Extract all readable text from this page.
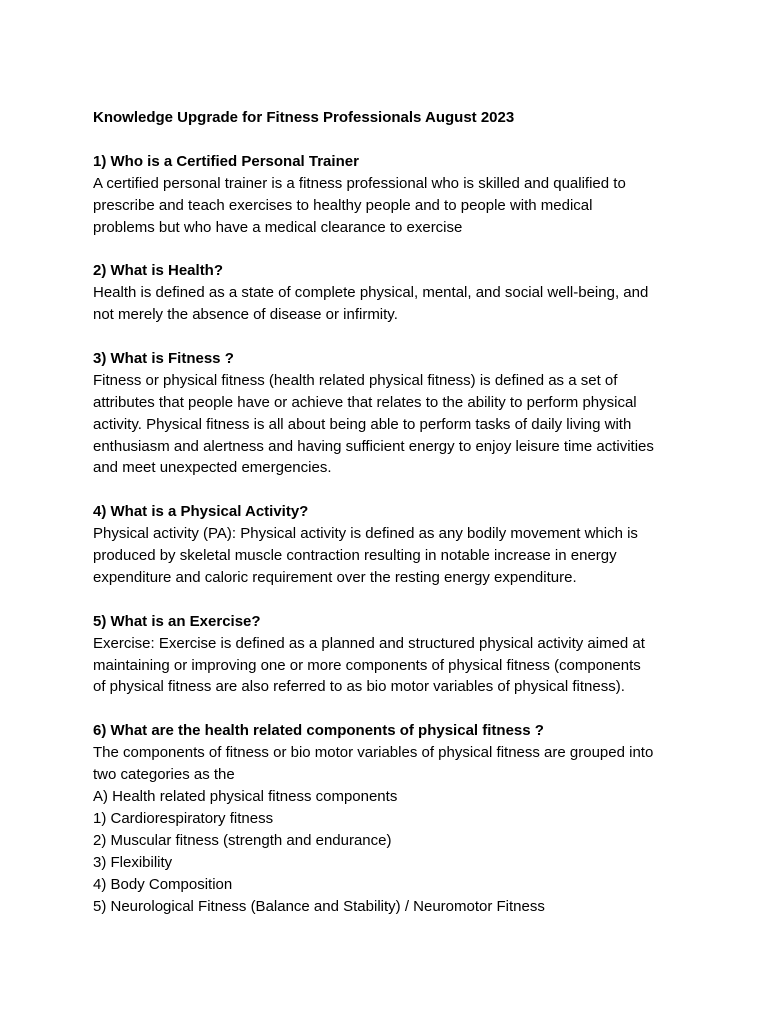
Knowledge Upgrade for Fitness Professionals August 2023
1) Who is a Certified Personal Trainer
A certified personal trainer is a fitness professional who is skilled and qualified to
prescribe and teach exercises to healthy people and to people with medical
problems but who have a medical clearance to exercise
2) What is Health?
Health is defined as a state of complete physical, mental, and social well-being, and
not merely the absence of disease or infirmity.
3) What is Fitness ?
Fitness or physical fitness (health related physical fitness) is defined as a set of
attributes that people have or achieve that relates to the ability to perform physical
activity. Physical fitness is all about being able to perform tasks of daily living with
enthusiasm and alertness and having sufficient energy to enjoy leisure time activities
and meet unexpected emergencies.
4) What is a Physical Activity?
Physical activity (PA): Physical activity is defined as any bodily movement which is
produced by skeletal muscle contraction resulting in notable increase in energy
expenditure and caloric requirement over the resting energy expenditure.
5) What is an Exercise?
Exercise: Exercise is defined as a planned and structured physical activity aimed at
maintaining or improving one or more components of physical fitness (components
of physical fitness are also referred to as bio motor variables of physical fitness).
6) What are the health related components of physical fitness ?
The components of fitness or bio motor variables of physical fitness are grouped into
two categories as the
A) Health related physical fitness components
1) Cardiorespiratory fitness
2) Muscular fitness (strength and endurance)
3) Flexibility
4) Body Composition
5) Neurological Fitness (Balance and Stability) / Neuromotor Fitness
